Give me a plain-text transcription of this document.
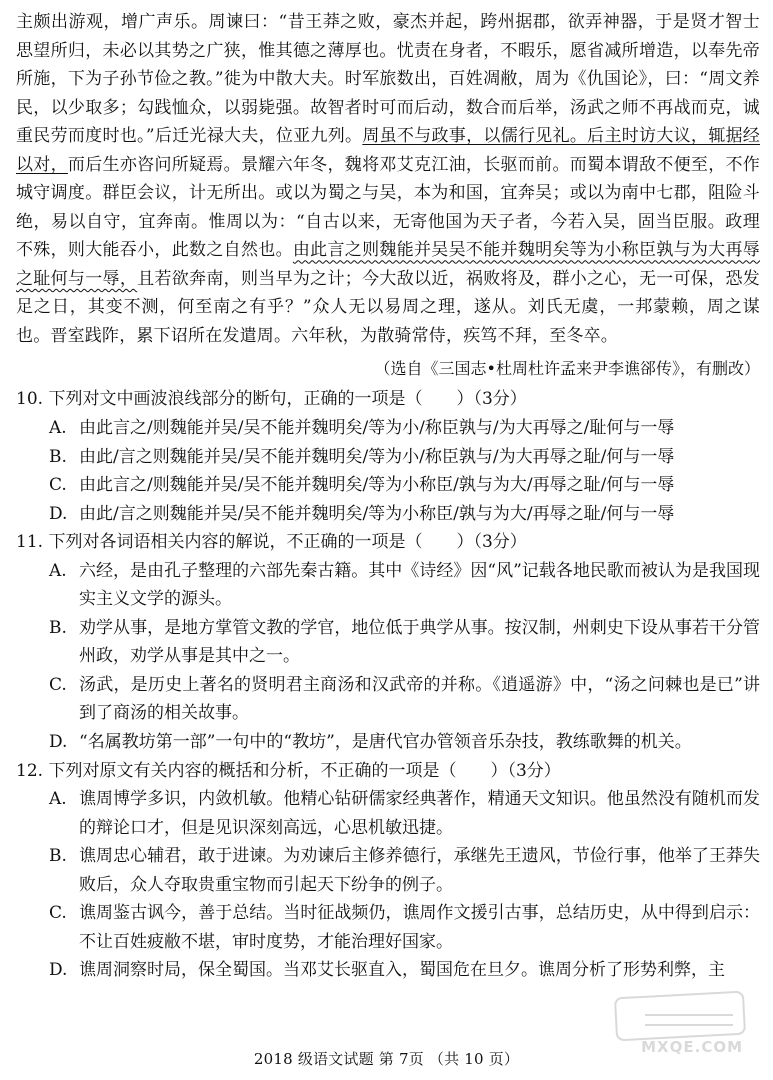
主颇出游观，增广声乐。周谏曰：“昔王莽之败，豪杰并起，跨州据郡，欲弄神器，于是贤才智士思望所归，未必以其势之广狭，惟其德之薄厚也。忧责在身者，不暇乐，愿省减所增造，以奉先帝所施，下为子孙节俭之教。”徙为中散大夫。时军旅数出，百姓凋敝，周为《仇国论》，曰：“周文养民，以少取多；勾践恤众，以弱毙强。故智者时可而后动，数合而后举，汤武之师不再战而克，诚重民劳而度时也。”后迁光禄大夫，位亚九列。周虽不与政事，以儒行见礼。后主时访大议，辄据经以对，而后生亦咨问所疑焉。景耀六年冬，魏将邓艾克江油，长驱而前。而蜀本谓敌不便至，不作城守调度。群臣会议，计无所出。或以为蜀之与吴，本为和国，宜奔吴；或以为南中七郡，阻险斗绝，易以自守，宜奔南。惟周以为：“自古以来，无寄他国为天子者，今若入吴，固当臣服。政理不殊，则大能吞小，此数之自然也。由此言之则魏能并吴吴不能并魏明矣等为小称臣孰与为大再辱之耻何与一辱，且若欲奔南，则当早为之计；今大敌以近，祸败将及，群小之心，无一可保，恐发足之日，其变不测，何至南之有乎？”众人无以易周之理，遂从。刘氏无虞，一邦蒙赖，周之谋也。晋室践阼，累下诏所在发遣周。六年秋，为散骑常侍，疾笃不拜，至冬卒。

（选自《三国志•杜周杜许孟来尹李谯郤传》，有删改）

10. 下列对文中画波浪线部分的断句，正确的一项是（　　）（3分）

A. 由此言之/则魏能并吴/吴不能并魏明矣/等为小/称臣孰与/为大再辱之/耻何与一辱
B. 由此/言之则魏能并吴/吴不能并魏明矣/等为小/称臣孰与/为大再辱之耻/何与一辱
C. 由此言之/则魏能并吴/吴不能并魏明矣/等为小称臣/孰与为大/再辱之耻/何与一辱
D. 由此/言之则魏能并吴/吴不能并魏明矣/等为小称臣/孰与为大/再辱之耻/何与一辱

11. 下列对各词语相关内容的解说，不正确的一项是（　　）（3分）

A. 六经，是由孔子整理的六部先秦古籍。其中《诗经》因“风”记载各地民歌而被认为是我国现实主义文学的源头。
B. 劝学从事，是地方掌管文教的学官，地位低于典学从事。按汉制，州刺史下设从事若干分管州政，劝学从事是其中之一。
C. 汤武，是历史上著名的贤明君主商汤和汉武帝的并称。《逍遥游》中，“汤之问棘也是已”讲到了商汤的相关故事。
D. “名属教坊第一部”一句中的“教坊”，是唐代官办管领音乐杂技，教练歌舞的机关。

12. 下列对原文有关内容的概括和分析，不正确的一项是（　　）（3分）

A. 谯周博学多识，内敛机敏。他精心钻研儒家经典著作，精通天文知识。他虽然没有随机而发的辩论口才，但是见识深刻高远，心思机敏迅捷。
B. 谯周忠心辅君，敢于进谏。为劝谏后主修养德行，承继先王遗风，节俭行事，他举了王莽失败后，众人夺取贵重宝物而引起天下纷争的例子。
C. 谯周鉴古讽今，善于总结。当时征战频仍，谯周作文援引古事，总结历史，从中得到启示：不让百姓疲敝不堪，审时度势，才能治理好国家。
D. 谯周洞察时局，保全蜀国。当邓艾长驱直入，蜀国危在旦夕。谯周分析了形势利弊，主
MXQE.COM
2018 级语文试题 第 7页 （共 10 页）
